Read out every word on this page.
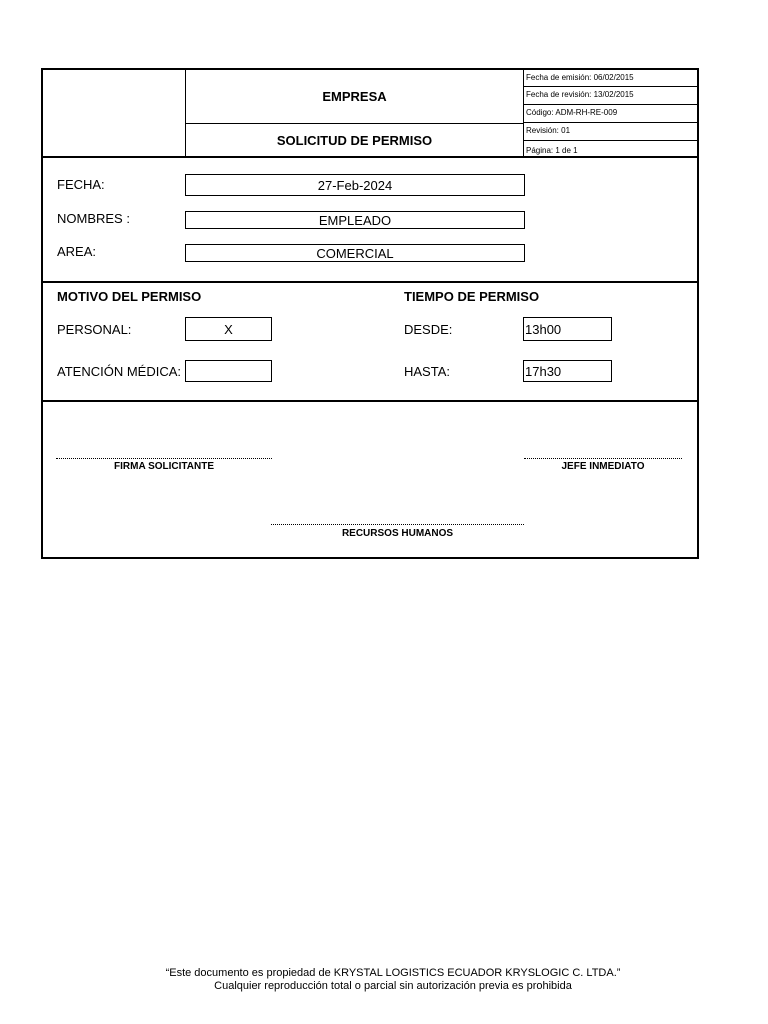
EMPRESA
SOLICITUD DE PERMISO
Fecha de emisión: 06/02/2015
Fecha de revisión: 13/02/2015
Código: ADM-RH-RE-009
Revisión: 01
Página: 1 de 1
FECHA:	27-Feb-2024
NOMBRES :	EMPLEADO
AREA:	COMERCIAL
MOTIVO DEL PERMISO	TIEMPO DE PERMISO
PERSONAL:	X
ATENCIÓN MÉDICA:
DESDE:	13h00
HASTA:	17h30
FIRMA SOLICITANTE	JEFE INMEDIATO
RECURSOS HUMANOS
“Este documento es propiedad de KRYSTAL LOGISTICS ECUADOR KRYSLOGIC C. LTDA.”
Cualquier reproducción total o parcial sin autorización previa es prohibida
